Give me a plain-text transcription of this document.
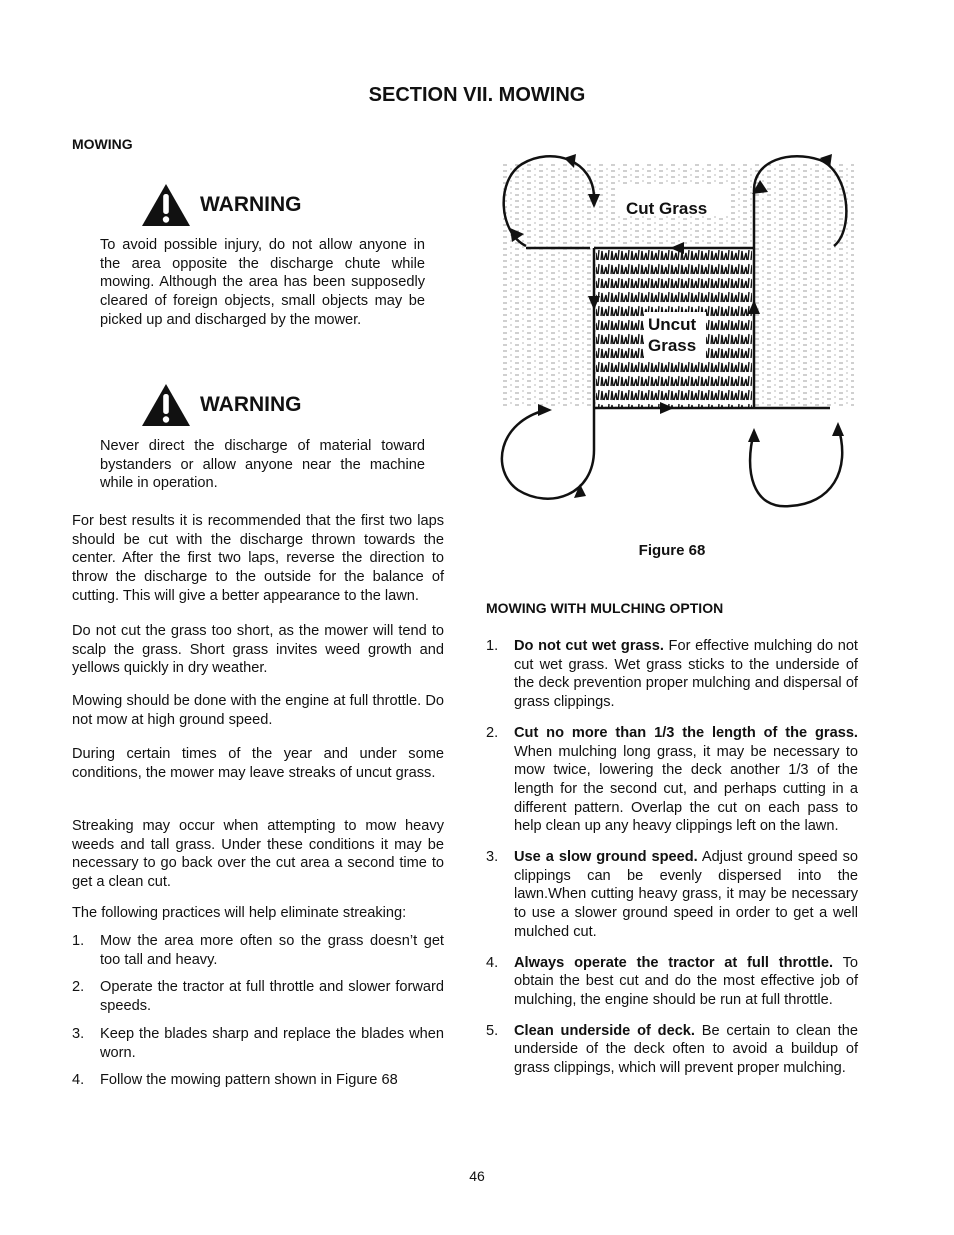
SECTION VII. MOWING
MOWING
WARNING

To avoid possible injury, do not allow anyone in the area opposite the discharge chute while mowing. Although the area has been supposedly cleared of foreign objects, small objects may be picked up and discharged by the mower.

WARNING

Never direct the discharge of material toward bystanders or allow anyone near the machine while in operation.

For best results it is recommended that the first two laps should be cut with the discharge thrown towards the center. After the first two laps, reverse the direction to throw the discharge to the outside for the balance of cutting. This will give a better appearance to the lawn.

Do not cut the grass too short, as the mower will tend to scalp the grass. Short grass invites weed growth and yellows quickly in dry weather.

Mowing should be done with the engine at full throttle. Do not mow at high ground speed.

During certain times of the year and under some conditions, the mower may leave streaks of uncut grass.

Streaking may occur when attempting to mow heavy weeds and tall grass. Under these conditions it may be necessary to go back over the cut area a second time to get a clean cut.

The following practices will help eliminate streaking:

1.	Mow the area more often so the grass doesn’t get too tall and heavy.
2.	Operate the tractor at full throttle and slower forward speeds.
3.	Keep the blades sharp and replace the blades when worn.
4.	Follow the mowing pattern shown in Figure 68
Cut Grass
Uncut
Grass
Figure 68
MOWING WITH MULCHING OPTION
1.	Do not cut wet grass. For effective mulching do not cut wet grass. Wet grass sticks to the underside of the deck prevention proper mulching and dispersal of grass clippings.
2.	Cut no more than 1/3 the length of the grass. When mulching long grass, it may be necessary to mow twice, lowering the deck another 1/3 of the length for the second cut, and perhaps cutting in a different pattern. Overlap the cut on each pass to help clean up any heavy clippings left on the lawn.
3.	Use a slow ground speed. Adjust ground speed so clippings can be evenly dispersed into the lawn.When cutting heavy grass, it may be necessary to use a slower ground speed in order to get a well mulched cut.
4.	Always operate the tractor at full throttle. To obtain the best cut and do the most effective job of mulching, the engine should be run at full throttle.
5.	Clean underside of deck. Be certain to clean the underside of the deck often to avoid a buildup of grass clippings, which will prevent proper mulching.
46
